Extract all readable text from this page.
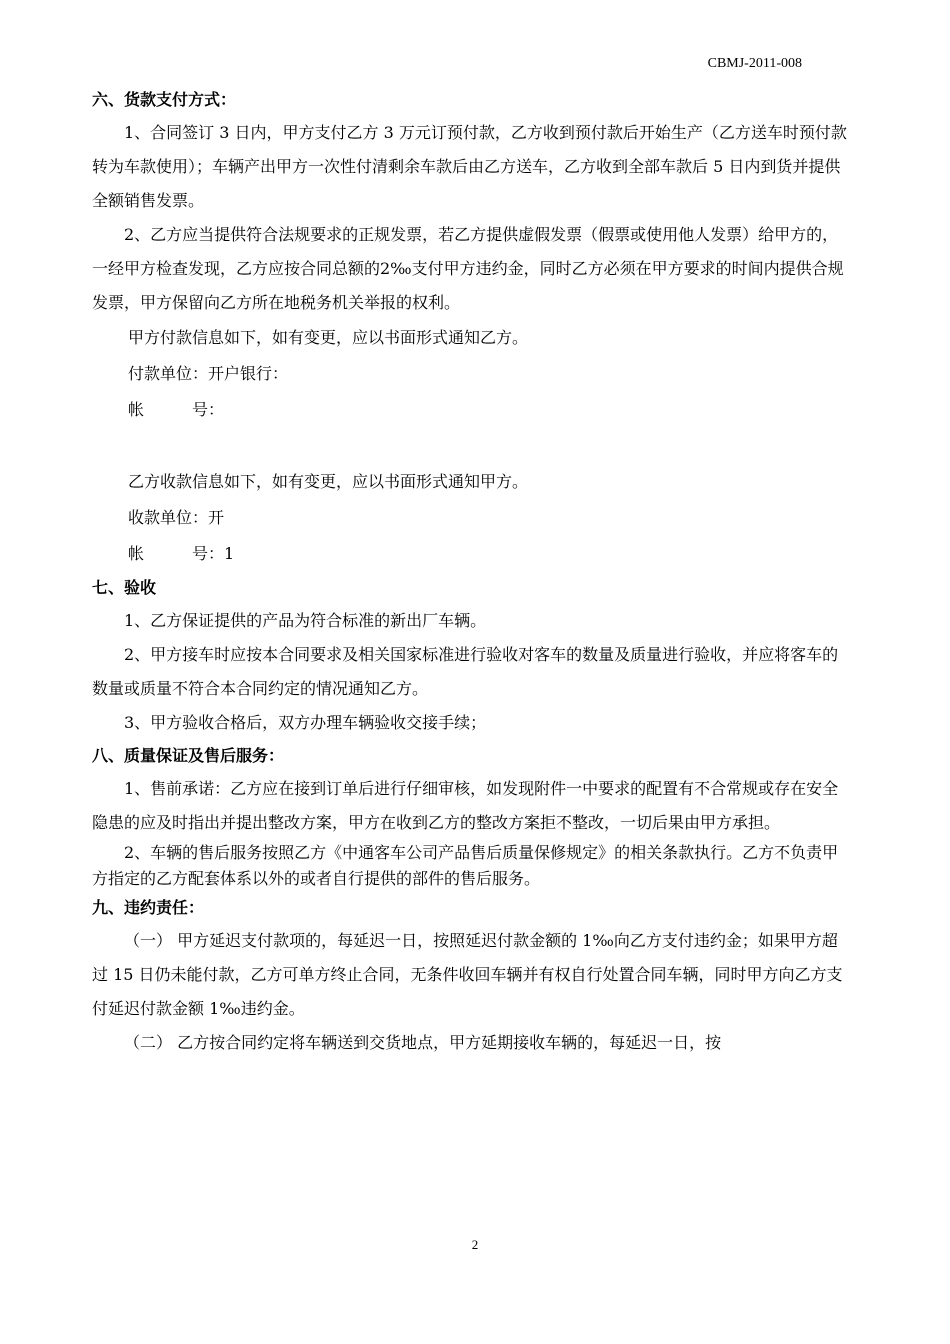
CBMJ-2011-008
六、货款支付方式：

1、合同签订 3 日内，甲方支付乙方 3 万元订预付款，乙方收到预付款后开始生产（乙方送车时预付款转为车款使用）；车辆产出甲方一次性付清剩余车款后由乙方送车，乙方收到全部车款后 5 日内到货并提供全额销售发票。

2、乙方应当提供符合法规要求的正规发票，若乙方提供虚假发票（假票或使用他人发票）给甲方的，一经甲方检查发现，乙方应按合同总额的2‰支付甲方违约金，同时乙方必须在甲方要求的时间内提供合规发票，甲方保留向乙方所在地税务机关举报的权利。

甲方付款信息如下，如有变更，应以书面形式通知乙方。
付款单位：开户银行：
帐	号：
乙方收款信息如下，如有变更，应以书面形式通知甲方。
收款单位：开
帐	号：1
七、验收

1、乙方保证提供的产品为符合标准的新出厂车辆。

2、甲方接车时应按本合同要求及相关国家标准进行验收对客车的数量及质量进行验收，并应将客车的数量或质量不符合本合同约定的情况通知乙方。

3、甲方验收合格后，双方办理车辆验收交接手续；

八、质量保证及售后服务：

1、售前承诺：乙方应在接到订单后进行仔细审核，如发现附件一中要求的配置有不合常规或存在安全隐患的应及时指出并提出整改方案，甲方在收到乙方的整改方案拒不整改，一切后果由甲方承担。

2、车辆的售后服务按照乙方《中通客车公司产品售后质量保修规定》的相关条款执行。乙方不负责甲方指定的乙方配套体系以外的或者自行提供的部件的售后服务。

九、违约责任：

（一） 甲方延迟支付款项的，每延迟一日，按照延迟付款金额的 1‰向乙方支付违约金；如果甲方超过 15 日仍未能付款，乙方可单方终止合同，无条件收回车辆并有权自行处置合同车辆，同时甲方向乙方支付延迟付款金额 1‰违约金。

（二） 乙方按合同约定将车辆送到交货地点，甲方延期接收车辆的，每延迟一日，按

2
